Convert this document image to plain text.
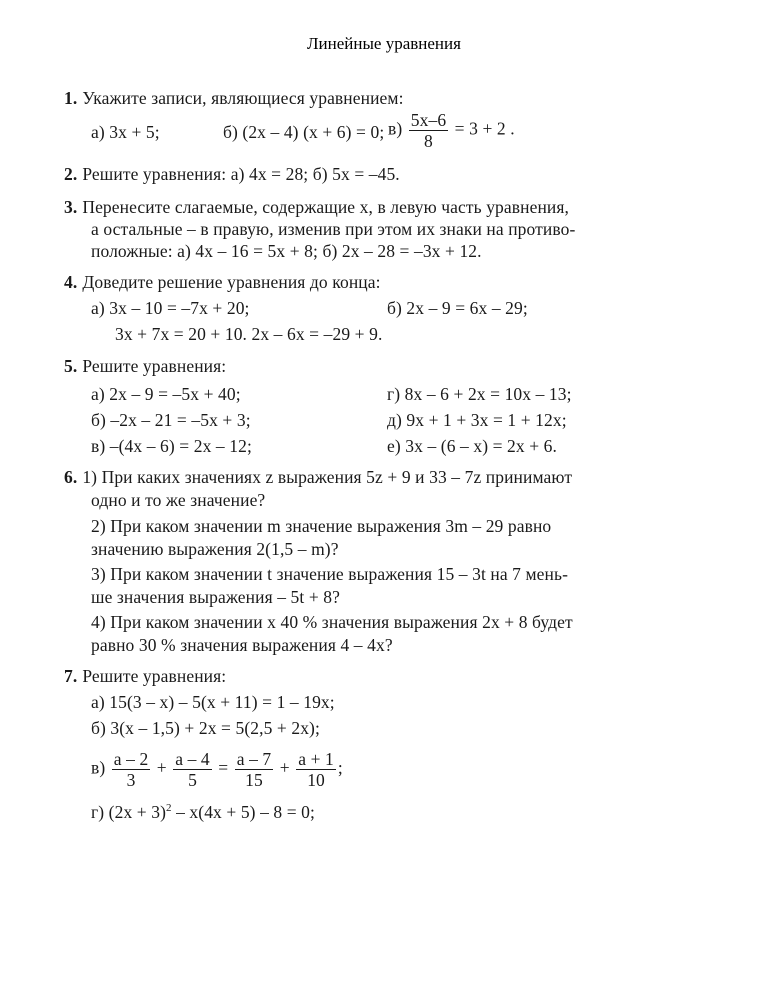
Линейные уравнения
1. Укажите записи, являющиеся уравнением:
а) 3x + 5;	б) (2x – 4) (x + 6) = 0; $в) \frac{5x-6}{8} = 3 + 2$ .
2. Решите уравнения: а) 4x = 28; б) 5x = –45.
3. Перенесите слагаемые, содержащие x, в левую часть уравнения,
а остальные – в правую, изменив при этом их знаки на противо-
положные: а) 4x – 16 = 5x + 8; б) 2x – 28 = –3x + 12.
4. Доведите решение уравнения до конца:
а) 3x – 10 = –7x + 20;	б) 2x – 9 = 6x – 29;
3x + 7x = 20 + 10. 2x – 6x = –29 + 9.
5. Решите уравнения:
а) 2x – 9 = –5x + 40;
б) –2x – 21 = –5x + 3;
в) –(4x – 6) = 2x – 12;
г) 8x – 6 + 2x = 10x – 13;
д) 9x + 1 + 3x = 1 + 12x;
е) 3x – (6 – x) = 2x + 6.
6. 1) При каких значениях z выражения 5z + 9 и 33 – 7z принимают
одно и то же значение?
2) При каком значении m значение выражения 3m – 29 равно
значению выражения 2(1,5 – m)?
3) При каком значении t значение выражения 15 – 3t на 7 мень-
ше значения выражения – 5t + 8?
4) При каком значении x 40 % значения выражения 2x + 8 будет
равно 30 % значения выражения 4 – 4x?
7. Решите уравнения:
а) 15(3 – x) – 5(x + 11) = 1 – 19x;
б) 3(x – 1,5) + 2x = 5(2,5 + 2x);
$в) \frac{a - 2}{3} + \frac{a - 4}{5} = \frac{a - 7}{15} + \frac{a + 1}{10}$ ;
г) $(2x + 3)^2 - x(4x + 5) - 8 = 0$;
